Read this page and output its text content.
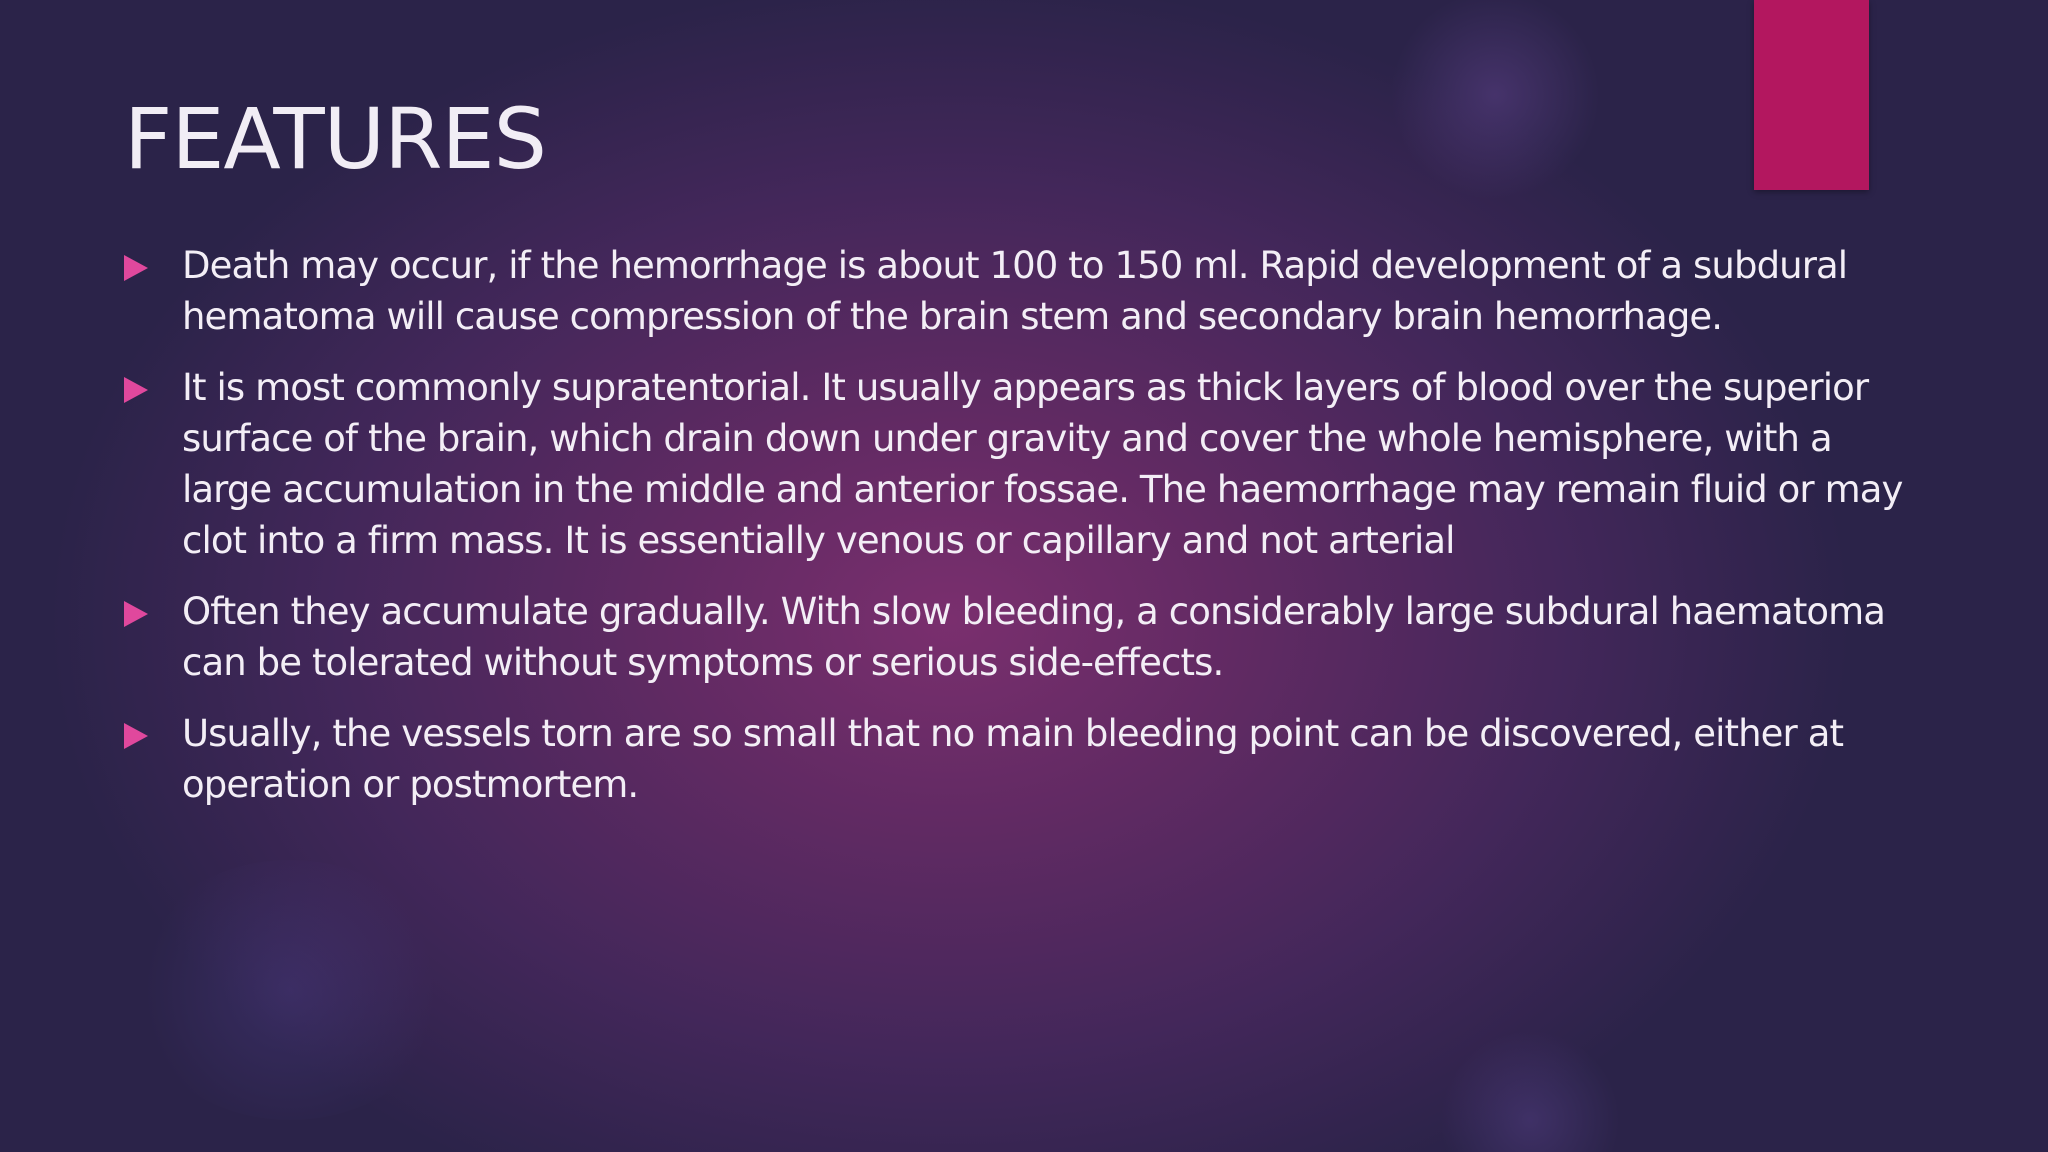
FEATURES
Death may occur, if the hemorrhage is about 100 to 150 ml. Rapid development of a subdural hematoma will cause compression of the brain stem and secondary brain hemorrhage.
It is most commonly supratentorial. It usually appears as thick layers of blood over the superior surface of the brain, which drain down under gravity and cover the whole hemisphere, with a large accumulation in the middle and anterior fossae. The haemorrhage may remain fluid or may clot into a firm mass. It is essentially venous or capillary and not arterial
Often they accumulate gradually. With slow bleeding, a considerably large subdural haematoma can be tolerated without symptoms or serious side-effects.
Usually, the vessels torn are so small that no main bleeding point can be discovered, either at operation or postmortem.
